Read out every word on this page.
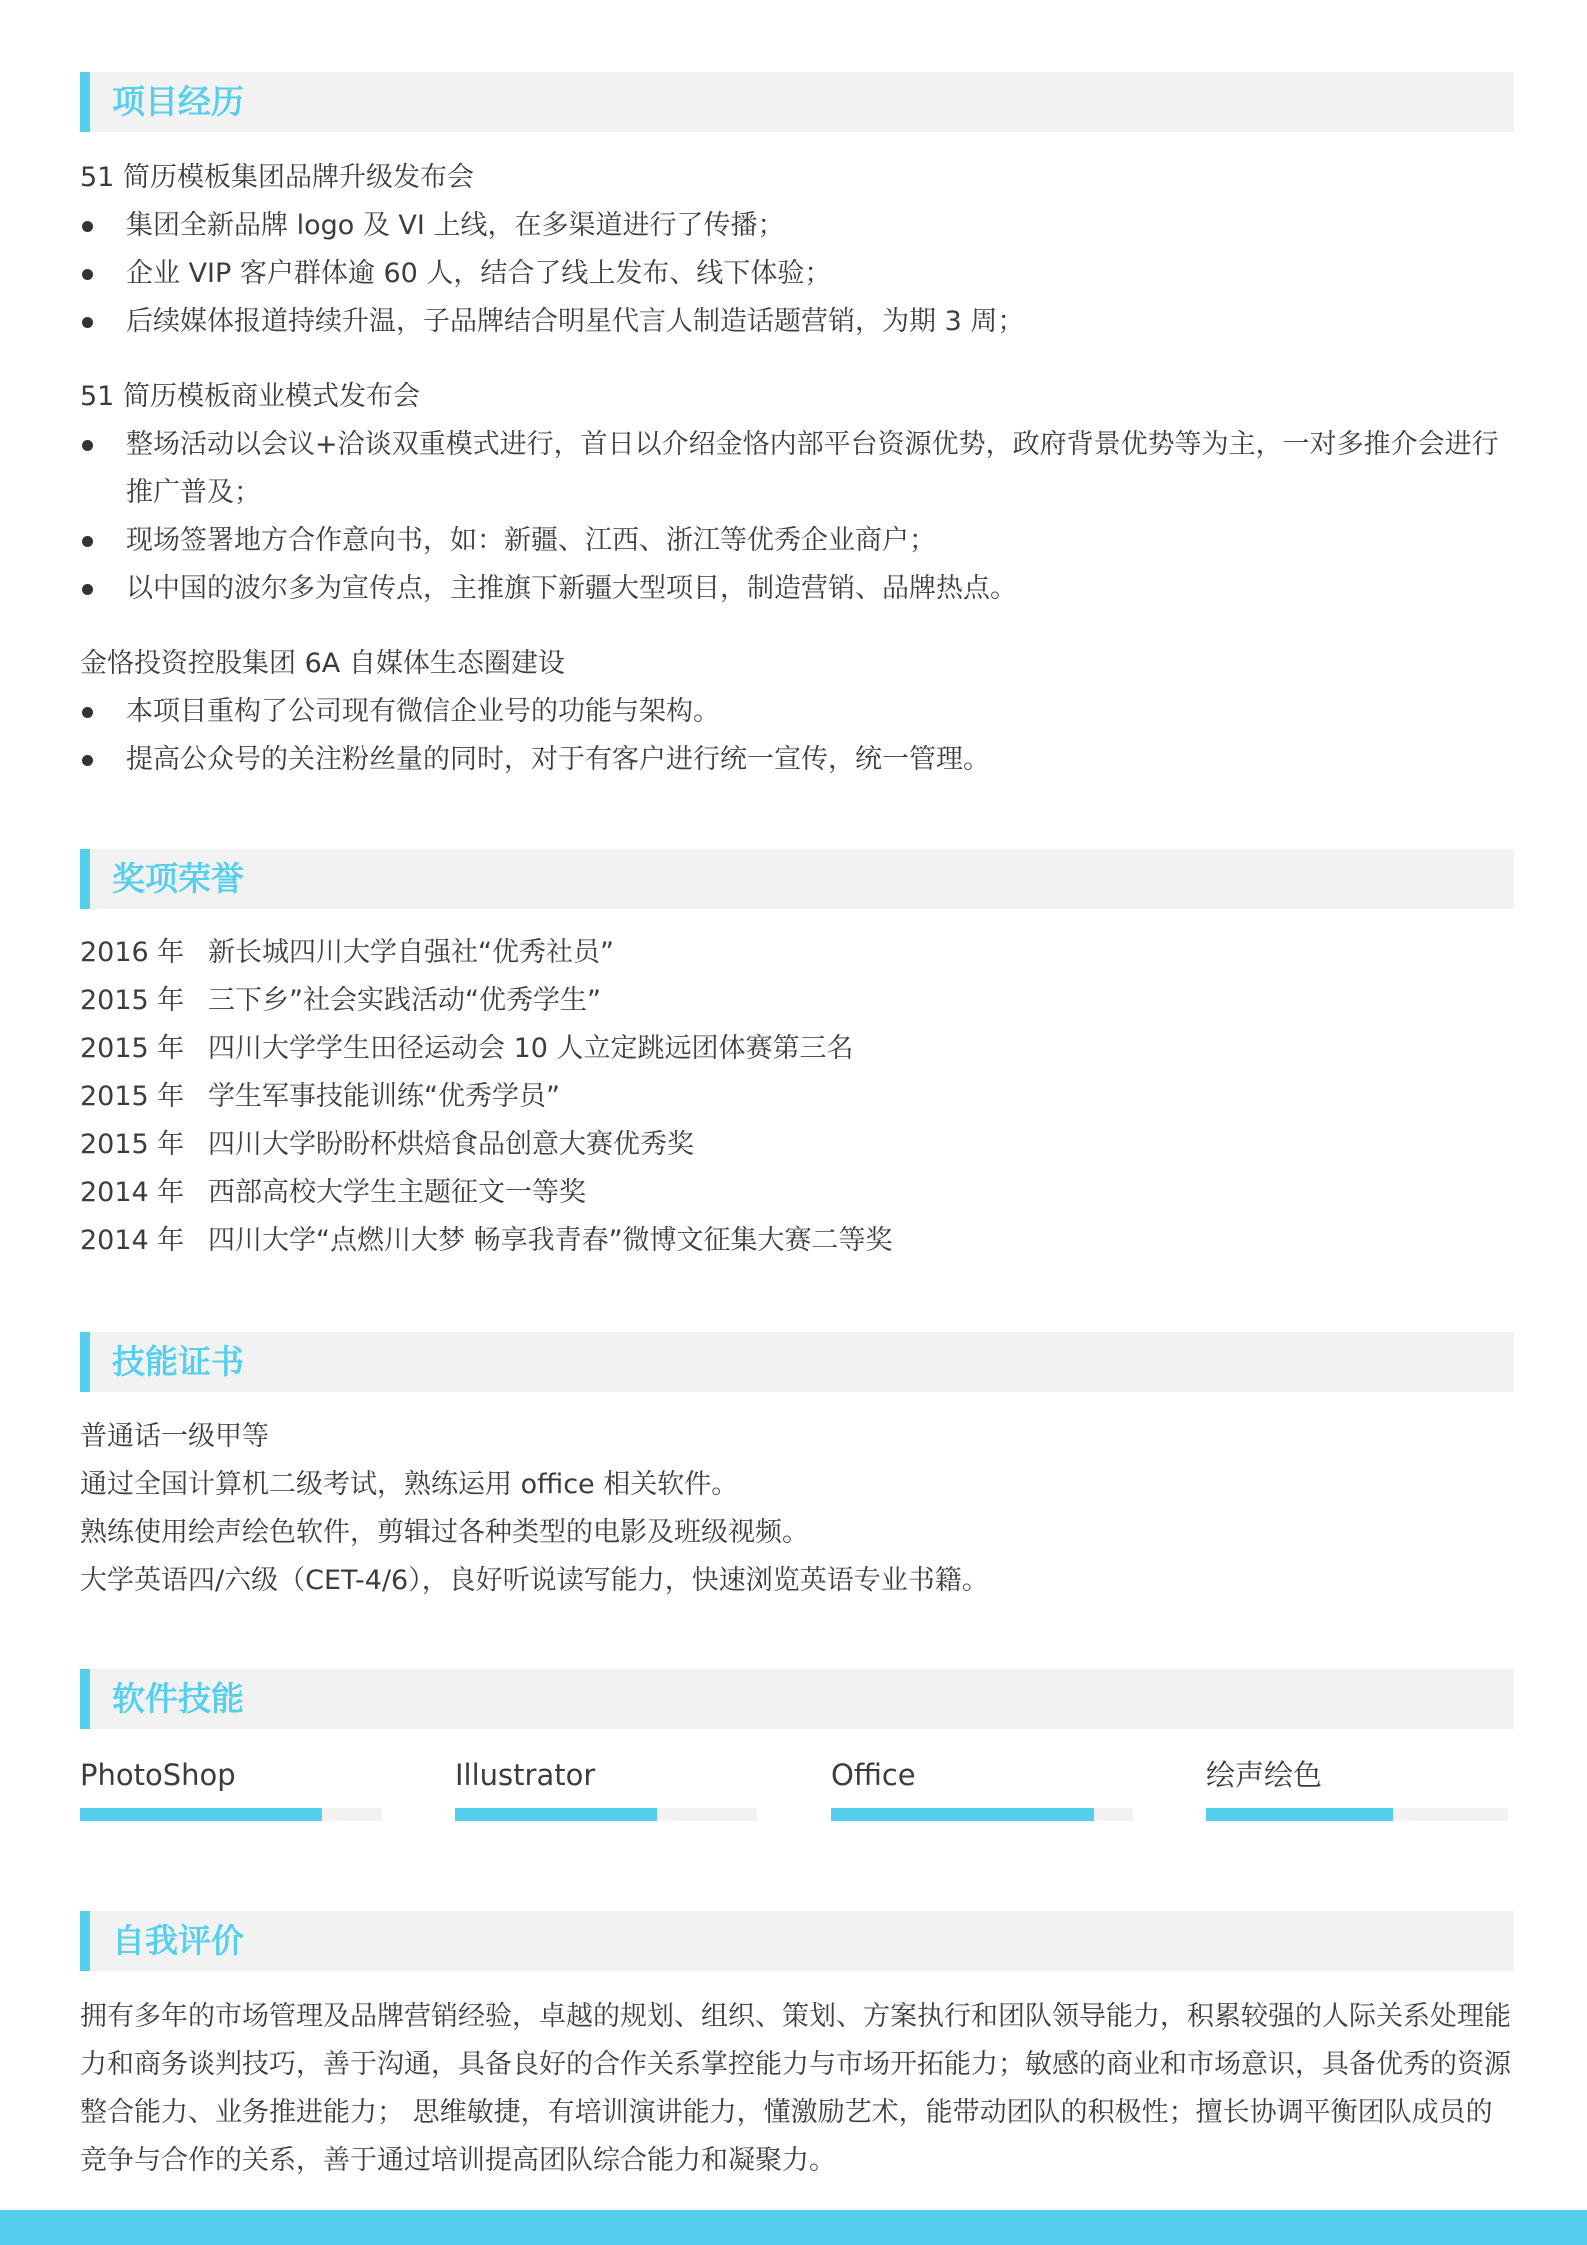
项目经历
51 简历模板集团品牌升级发布会
集团全新品牌 logo 及 VI 上线，在多渠道进行了传播；
企业 VIP 客户群体逾 60 人，结合了线上发布、线下体验；
后续媒体报道持续升温，子品牌结合明星代言人制造话题营销，为期 3 周；
51 简历模板商业模式发布会
整场活动以会议+洽谈双重模式进行，首日以介绍金恪内部平台资源优势，政府背景优势等为主，一对多推介会进行推广普及；
现场签署地方合作意向书，如：新疆、江西、浙江等优秀企业商户；
以中国的波尔多为宣传点，主推旗下新疆大型项目，制造营销、品牌热点。
金恪投资控股集团 6A 自媒体生态圈建设
本项目重构了公司现有微信企业号的功能与架构。
提高公众号的关注粉丝量的同时，对于有客户进行统一宣传，统一管理。
奖项荣誉
2016 年 新长城四川大学自强社“优秀社员”
2015 年 三下乡”社会实践活动“优秀学生”
2015 年 四川大学学生田径运动会 10 人立定跳远团体赛第三名
2015 年 学生军事技能训练“优秀学员”
2015 年 四川大学盼盼杯烘焙食品创意大赛优秀奖
2014 年 西部高校大学生主题征文一等奖
2014 年 四川大学“点燃川大梦 畅享我青春”微博文征集大赛二等奖
技能证书
普通话一级甲等
通过全国计算机二级考试，熟练运用 office 相关软件。
熟练使用绘声绘色软件，剪辑过各种类型的电影及班级视频。
大学英语四/六级（CET-4/6），良好听说读写能力，快速浏览英语专业书籍。
软件技能
PhotoShop	Illustrator	Office	绘声绘色
自我评价
拥有多年的市场管理及品牌营销经验，卓越的规划、组织、策划、方案执行和团队领导能力，积累较强的人际关系处理能力和商务谈判技巧，善于沟通，具备良好的合作关系掌控能力与市场开拓能力；敏感的商业和市场意识，具备优秀的资源整合能力、业务推进能力； 思维敏捷，有培训演讲能力，懂激励艺术，能带动团队的积极性；擅长协调平衡团队成员的竞争与合作的关系，善于通过培训提高团队综合能力和凝聚力。
